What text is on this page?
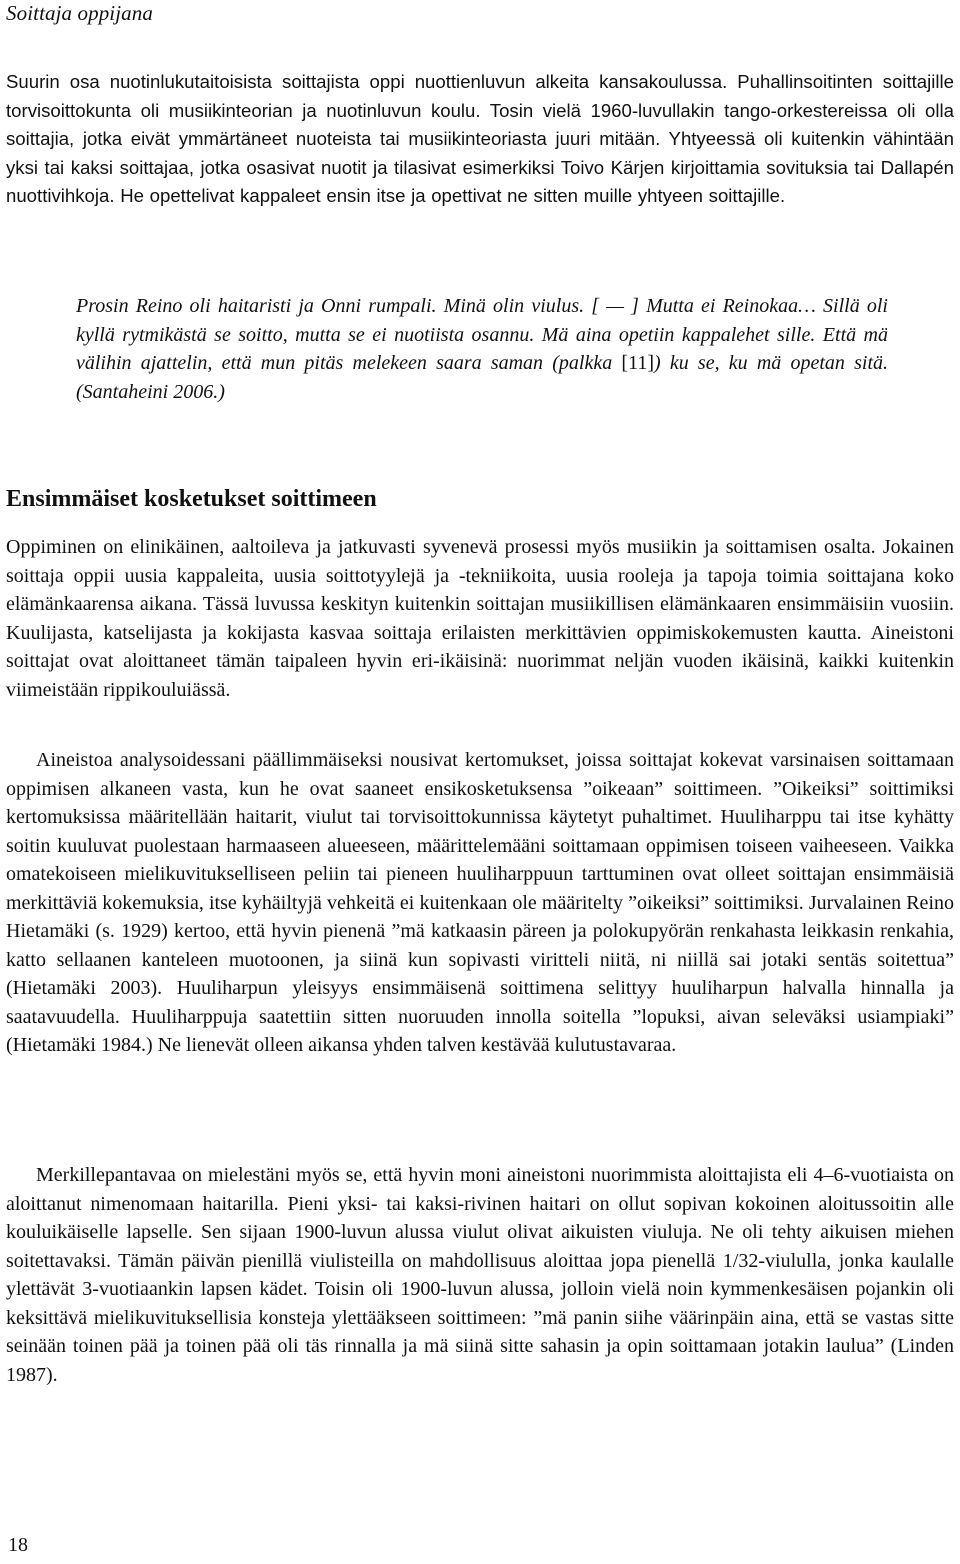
Soittaja oppijana

Suurin osa nuotinlukutaitoisista soittajista oppi nuottienluvun alkeita kansakoulussa. Puhallinsoitinten soittajille torvisoittokunta oli musiikinteorian ja nuotinluvun koulu. Tosin vielä 1960-luvullakin tango-orkestereissa oli olla soittajia, jotka eivät ymmärtäneet nuoteista tai musiikinteoriasta juuri mitään. Yhtyeessä oli kuitenkin vähintään yksi tai kaksi soittajaa, jotka osasivat nuotit ja tilasivat esimerkiksi Toivo Kärjen kirjoittamia sovituksia tai Dallapén nuottivihkoja. He opettelivat kappaleet ensin itse ja opettivat ne sitten muille yhtyeen soittajille.

Prosin Reino oli haitaristi ja Onni rumpali. Minä olin viulus. [ — ] Mutta ei Reinokaa… Sillä oli kyllä rytmikästä se soitto, mutta se ei nuotiista osannu. Mä aina opetiin kappalehet sille. Että mä välihin ajattelin, että mun pitäs melekeen saara saman (palkka [11]) ku se, ku mä opetan sitä. (Santaheini 2006.)

Ensimmäiset kosketukset soittimeen

Oppiminen on elinikäinen, aaltoileva ja jatkuvasti syvenevä prosessi myös musiikin ja soittamisen osalta. Jokainen soittaja oppii uusia kappaleita, uusia soittotyylejä ja -tekniikoita, uusia rooleja ja tapoja toimia soittajana koko elämänkaarensa aikana. Tässä luvussa keskityn kuitenkin soittajan musiikillisen elämänkaaren ensimmäisiin vuosiin. Kuulijasta, katselijasta ja kokijasta kasvaa soittaja erilaisten merkittävien oppimiskokemusten kautta. Aineistoni soittajat ovat aloittaneet tämän taipaleen hyvin eri-ikäisinä: nuorimmat neljän vuoden ikäisinä, kaikki kuitenkin viimeistään rippikouluiässä.

Aineistoa analysoidessani päällimmäiseksi nousivat kertomukset, joissa soittajat kokevat varsinaisen soittamaan oppimisen alkaneen vasta, kun he ovat saaneet ensikosketuksensa ”oikeaan” soittimeen. ”Oikeiksi” soittimiksi kertomuksissa määritellään haitarit, viulut tai torvisoittokunnissa käytetyt puhaltimet. Huuliharppu tai itse kyhätty soitin kuuluvat puolestaan harmaaseen alueeseen, määrittelemääni soittamaan oppimisen toiseen vaiheeseen. Vaikka omatekoiseen mielikuvitukselliseen peliin tai pieneen huuliharppuun tarttuminen ovat olleet soittajan ensimmäisiä merkittäviä kokemuksia, itse kyhäiltyjä vehkeitä ei kuitenkaan ole määritelty ”oikeiksi” soittimiksi. Jurvalainen Reino Hietamäki (s. 1929) kertoo, että hyvin pienenä ”mä katkaasin päreen ja polokupyörän renkahasta leikkasin renkahia, katto sellaanen kanteleen muotoonen, ja siinä kun sopivasti viritteli niitä, ni niillä sai jotaki sentäs soitettua” (Hietamäki 2003). Huuliharpun yleisyys ensimmäisenä soittimena selittyy huuliharpun halvalla hinnalla ja saatavuudella. Huuliharppuja saatettiin sitten nuoruuden innolla soitella ”lopuksi, aivan seleväksi usiampiaki” (Hietamäki 1984.) Ne lienevät olleen aikansa yhden talven kestävää kulutustavaraa.

Merkillepantavaa on mielestäni myös se, että hyvin moni aineistoni nuorimmista aloittajista eli 4–6-vuotiaista on aloittanut nimenomaan haitarilla. Pieni yksi- tai kaksi-rivinen haitari on ollut sopivan kokoinen aloitussoitin alle kouluikäiselle lapselle. Sen sijaan 1900-luvun alussa viulut olivat aikuisten viuluja. Ne oli tehty aikuisen miehen soitettavaksi. Tämän päivän pienillä viulisteilla on mahdollisuus aloittaa jopa pienellä 1/32-viululla, jonka kaulalle ylettävät 3-vuotiaankin lapsen kädet. Toisin oli 1900-luvun alussa, jolloin vielä noin kymmenkesäisen pojankin oli keksittävä mielikuvituksellisia konsteja ylettääkseen soittimeen: ”mä panin siihe väärinpäin aina, että se vastas sitte seinään toinen pää ja toinen pää oli täs rinnalla ja mä siinä sitte sahasin ja opin soittamaan jotakin laulua” (Linden 1987).

18
